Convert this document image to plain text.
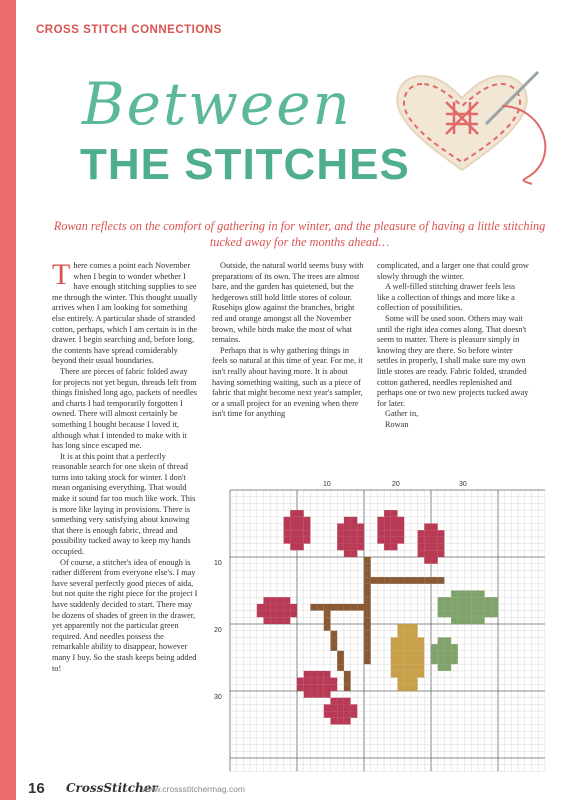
CROSS STITCH CONNECTIONS
Between
THE STITCHES
Rowan reflects on the comfort of gathering in for winter, and the pleasure of having a little stitching tucked away for the months ahead…

There comes a point each November when I begin to wonder whether I have enough stitching supplies to see me through the winter. This thought usually arrives when I am looking for something else entirely. A particular shade of stranded cotton, perhaps, which I am certain is in the drawer. I begin searching and, before long, the contents have spread considerably beyond their usual boundaries.

There are pieces of fabric folded away for projects not yet begun, threads left from things finished long ago, packets of needles and charts I had temporarily forgotten I owned. There will almost certainly be something I bought because I loved it, although what I intended to make with it has long since escaped me.

It is at this point that a perfectly reasonable search for one skein of thread turns into taking stock for winter. I don't mean organising everything. That would make it sound far too much like work. This is more like laying in provisions. There is something very satisfying about knowing that there is enough fabric, thread and possibility tucked away to keep my hands occupied.

Of course, a stitcher's idea of enough is rather different from everyone else's. I may have several perfectly good pieces of aida, but not quite the right piece for the project I have suddenly decided to start. There may be dozens of shades of green in the drawer, yet apparently not the particular green required. And needles possess the remarkable ability to disappear, however many I buy. So the stash keeps being added to!

Outside, the natural world seems busy with preparations of its own. The trees are almost bare, and the garden has quietened, but the hedgerows still hold little stores of colour. Rosehips glow against the branches, bright red and orange amongst all the November brown, while birds make the most of what remains.

Perhaps that is why gathering things in feels so natural at this time of year. For me, it isn't really about having more. It is about having something waiting, such as a piece of fabric that might become next year's sampler, or a small project for an evening when there isn't time for anything

complicated, and a larger one that could grow slowly through the winter.

A well-filled stitching drawer feels less like a collection of things and more like a collection of possibilities.

Some will be used soon. Others may wait until the right idea comes along. That doesn't seem to matter. There is pleasure simply in knowing they are there. So before winter settles in properly, I shall make sure my own little stores are ready. Fabric folded, stranded cotton gathered, needles replenished and perhaps one or two new projects tucked away for later.

Gather in,

Rowan

10	20	30
10
20
30
16 CrossStitcher
www.crossstitchermag.com	PassionForum.ru
